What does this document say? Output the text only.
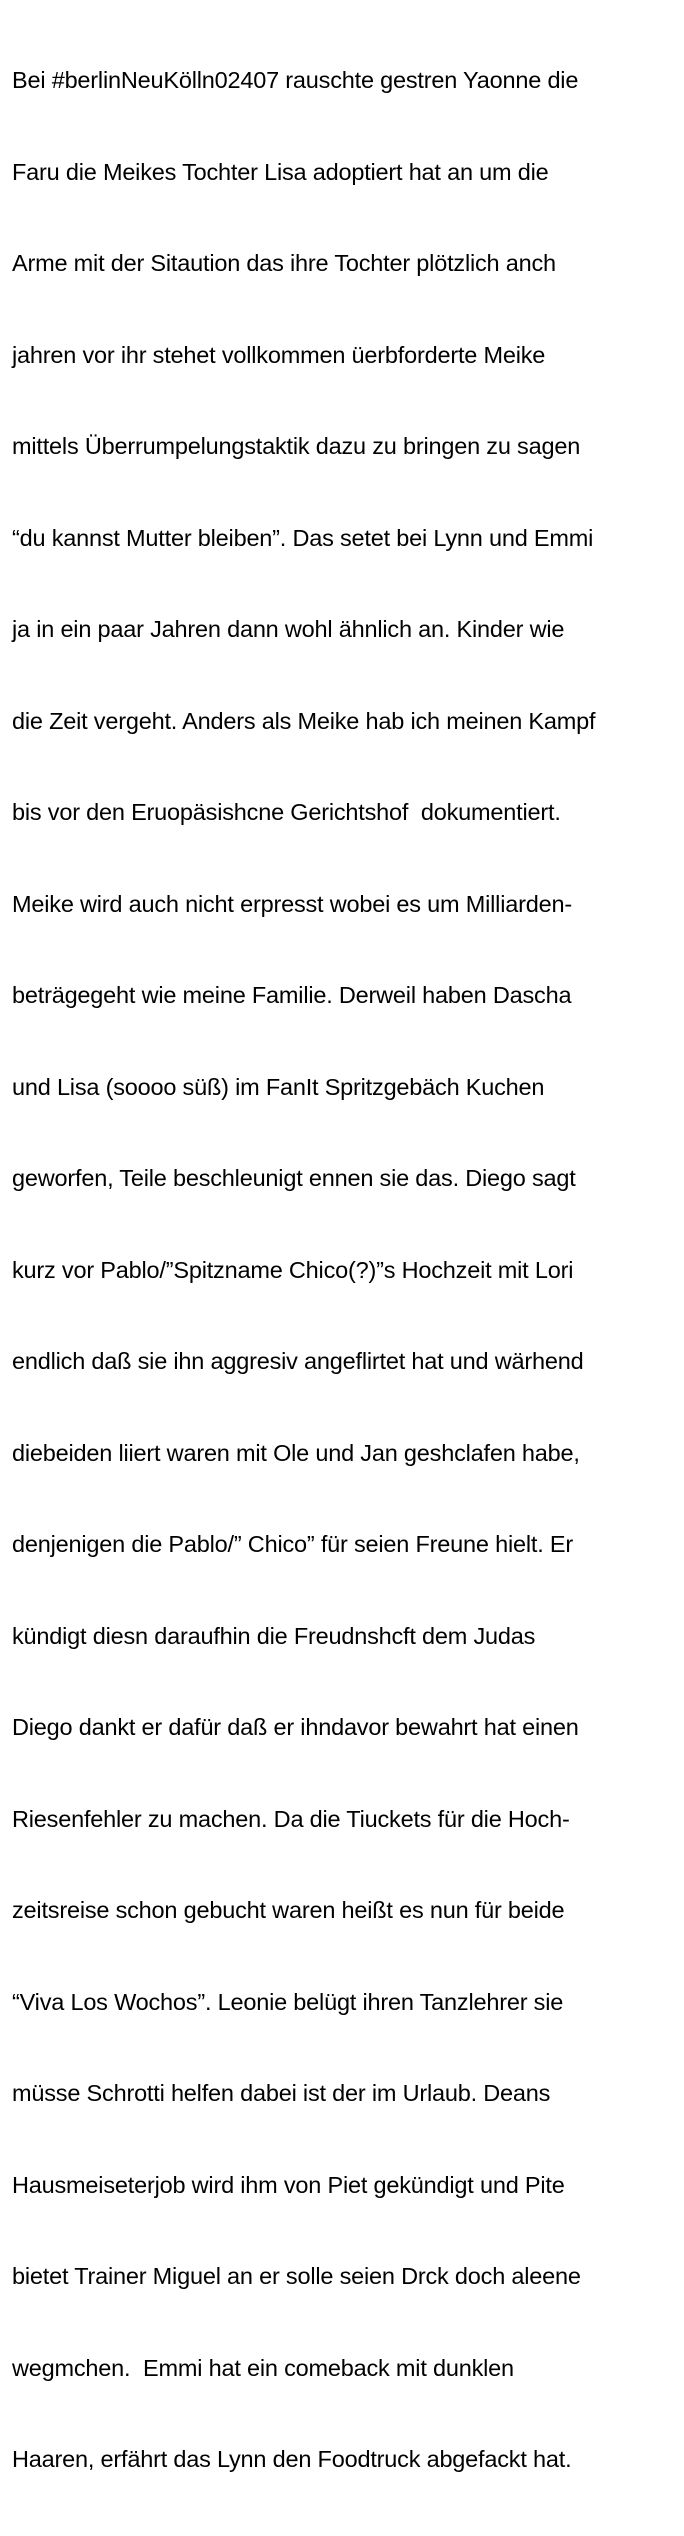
Bei #berlinNeuKölln02407 rauschte gestren Yaonne die

Faru die Meikes Tochter Lisa adoptiert hat an um die

Arme mit der Sitaution das ihre Tochter plötzlich anch

jahren vor ihr stehet vollkommen üerbforderte Meike

mittels Überrumpelungstaktik dazu zu bringen zu sagen

“du kannst Mutter bleiben”. Das setet bei Lynn und Emmi

ja in ein paar Jahren dann wohl ähnlich an. Kinder wie

die Zeit vergeht. Anders als Meike hab ich meinen Kampf

bis vor den Eruopäsishcne Gerichtshof  dokumentiert.

Meike wird auch nicht erpresst wobei es um Milliarden-

beträgegeht wie meine Familie. Derweil haben Dascha

und Lisa (soooo süß) im FanIt Spritzgebäch Kuchen

geworfen, Teile beschleunigt ennen sie das. Diego sagt

kurz vor Pablo/”Spitzname Chico(?)”s Hochzeit mit Lori

endlich daß sie ihn aggresiv angeflirtet hat und wärhend

diebeiden liiert waren mit Ole und Jan geshclafen habe,

denjenigen die Pablo/” Chico” für seien Freune hielt. Er

kündigt diesn daraufhin die Freudnshcft dem Judas

Diego dankt er dafür daß er ihndavor bewahrt hat einen

Riesenfehler zu machen. Da die Tiuckets für die Hoch-

zeitsreise schon gebucht waren heißt es nun für beide

“Viva Los Wochos”. Leonie belügt ihren Tanzlehrer sie

müsse Schrotti helfen dabei ist der im Urlaub. Deans

Hausmeiseterjob wird ihm von Piet gekündigt und Pite

bietet Trainer Miguel an er solle seien Drck doch aleene

wegmchen.  Emmi hat ein comeback mit dunklen

Haaren, erfährt das Lynn den Foodtruck abgefackt hat.
